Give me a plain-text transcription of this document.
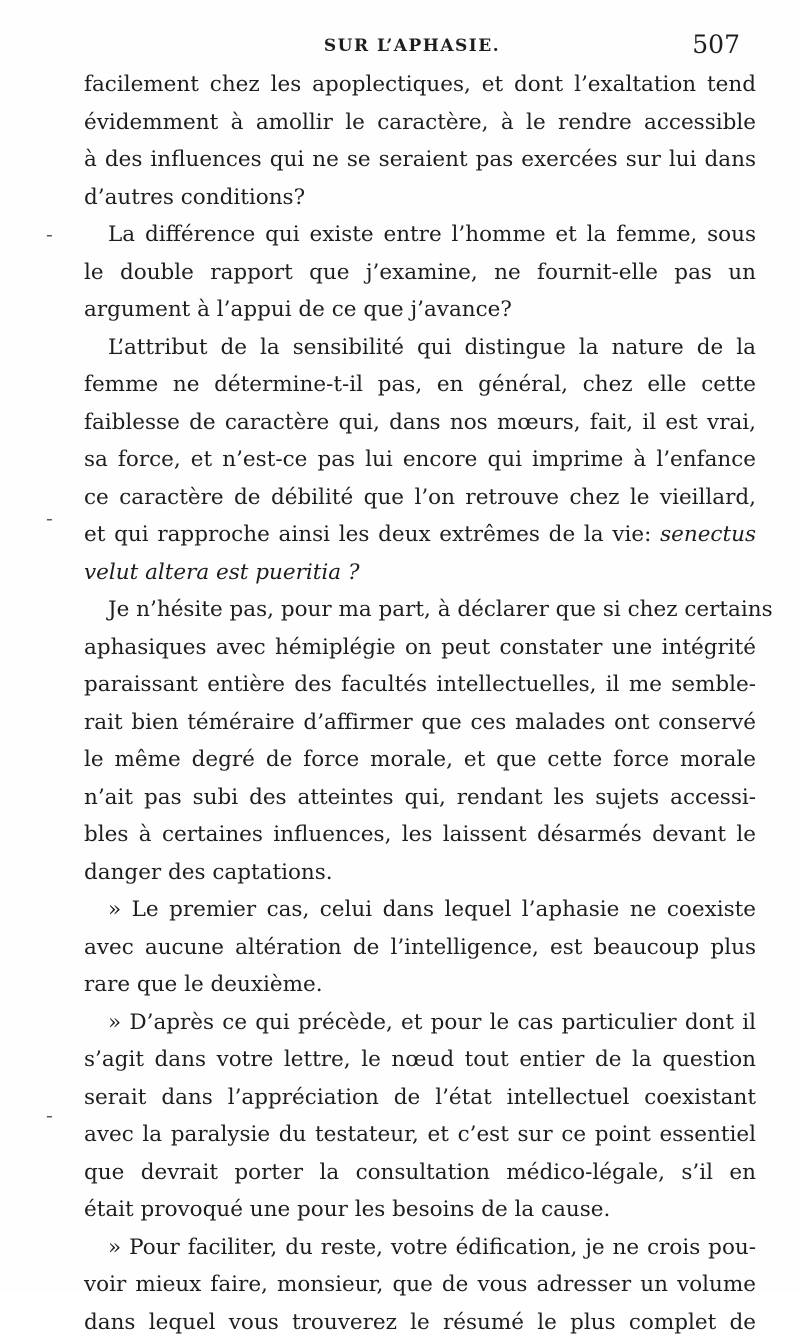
SUR L’APHASIE.	507
facilement chez les apoplectiques, et dont l’exaltation tend
évidemment à amollir le caractère, à le rendre accessible
à des influences qui ne se seraient pas exercées sur lui dans
d’autres conditions?
La différence qui existe entre l’homme et la femme, sous
le double rapport que j’examine, ne fournit-elle pas un
argument à l’appui de ce que j’avance?
L’attribut de la sensibilité qui distingue la nature de la
femme ne détermine-t-il pas, en général, chez elle cette
faiblesse de caractère qui, dans nos mœurs, fait, il est vrai,
sa force, et n’est-ce pas lui encore qui imprime à l’enfance
ce caractère de débilité que l’on retrouve chez le vieillard,
et qui rapproche ainsi les deux extrêmes de la vie: senectus
velut altera est pueritia ?
Je n’hésite pas, pour ma part, à déclarer que si chez certains
aphasiques avec hémiplégie on peut constater une intégrité
paraissant entière des facultés intellectuelles, il me semble-
rait bien téméraire d’affirmer que ces malades ont conservé
le même degré de force morale, et que cette force morale
n’ait pas subi des atteintes qui, rendant les sujets accessi-
bles à certaines influences, les laissent désarmés devant le
danger des captations.
» Le premier cas, celui dans lequel l’aphasie ne coexiste
avec aucune altération de l’intelligence, est beaucoup plus
rare que le deuxième.
» D’après ce qui précède, et pour le cas particulier dont il
s’agit dans votre lettre, le nœud tout entier de la question
serait dans l’appréciation de l’état intellectuel coexistant
avec la paralysie du testateur, et c’est sur ce point essentiel
que devrait porter la consultation médico-légale, s’il en
était provoqué une pour les besoins de la cause.
» Pour faciliter, du reste, votre édification, je ne crois pou-
voir mieux faire, monsieur, que de vous adresser un volume
dans lequel vous trouverez le résumé le plus complet de
-
-
-
